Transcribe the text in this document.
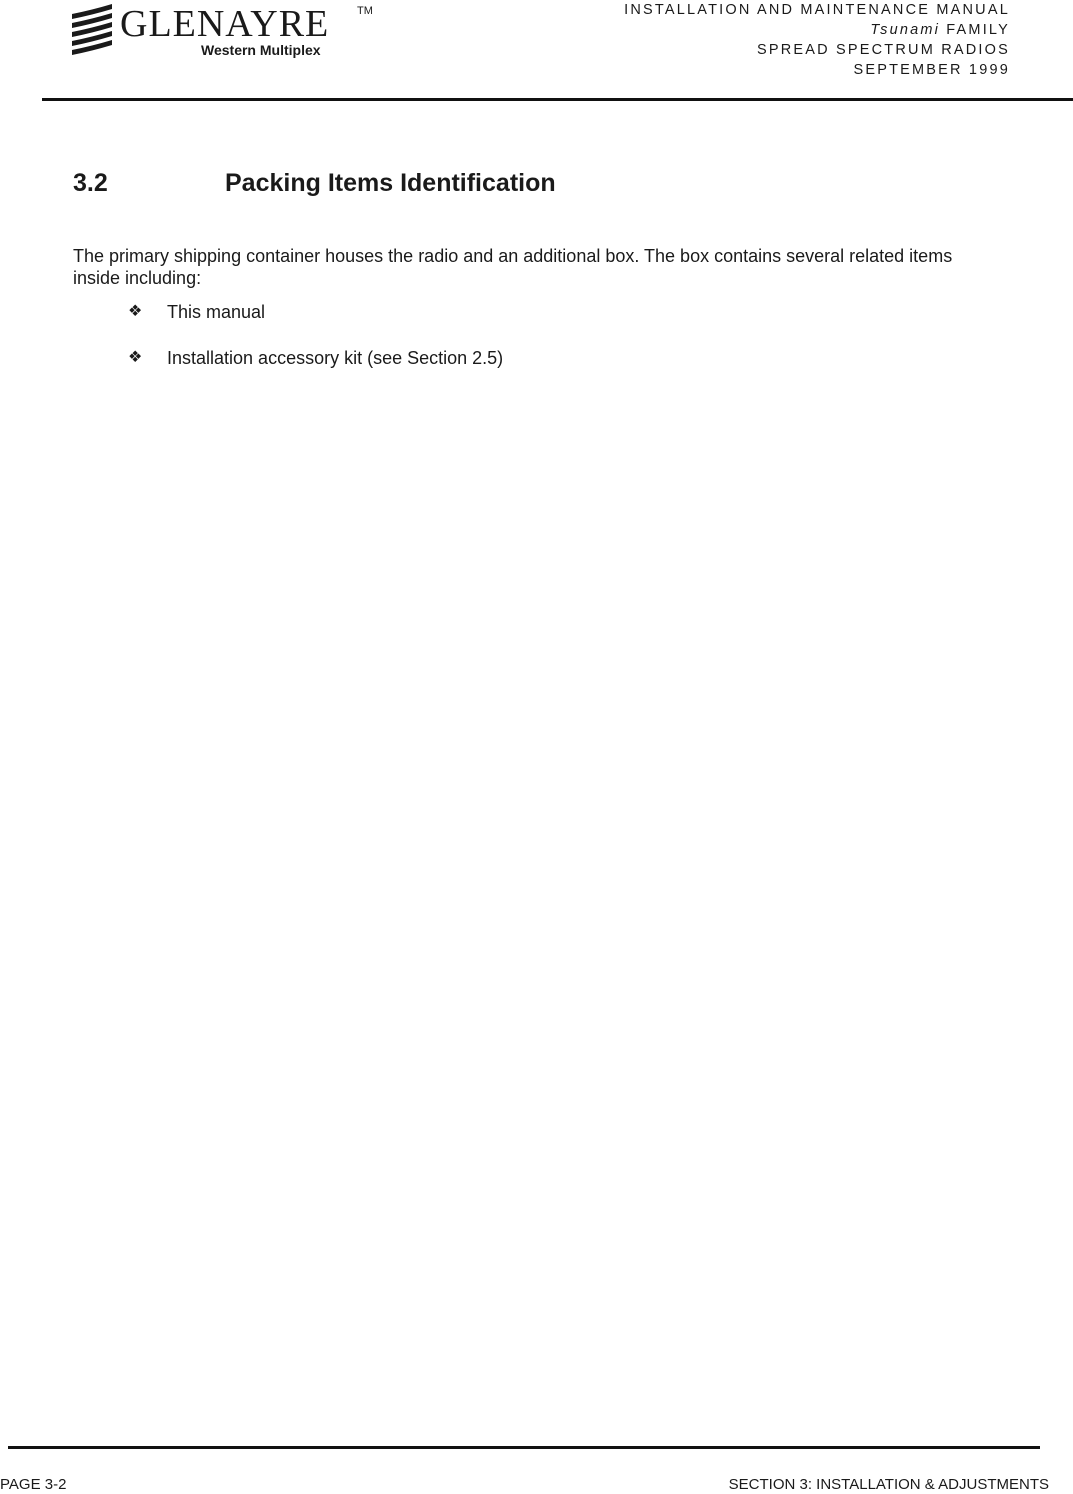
GLENAYRE	TM
Western Multiplex
INSTALLATION AND MAINTENANCE MANUAL
Tsunami FAMILY
SPREAD SPECTRUM RADIOS
SEPTEMBER 1999
3.2	Packing Items Identification

The primary shipping container houses the radio and an additional box. The box contains several related items inside including:

❖ This manual
❖ Installation accessory kit (see Section 2.5)
PAGE 3-2	SECTION 3: INSTALLATION & ADJUSTMENTS
